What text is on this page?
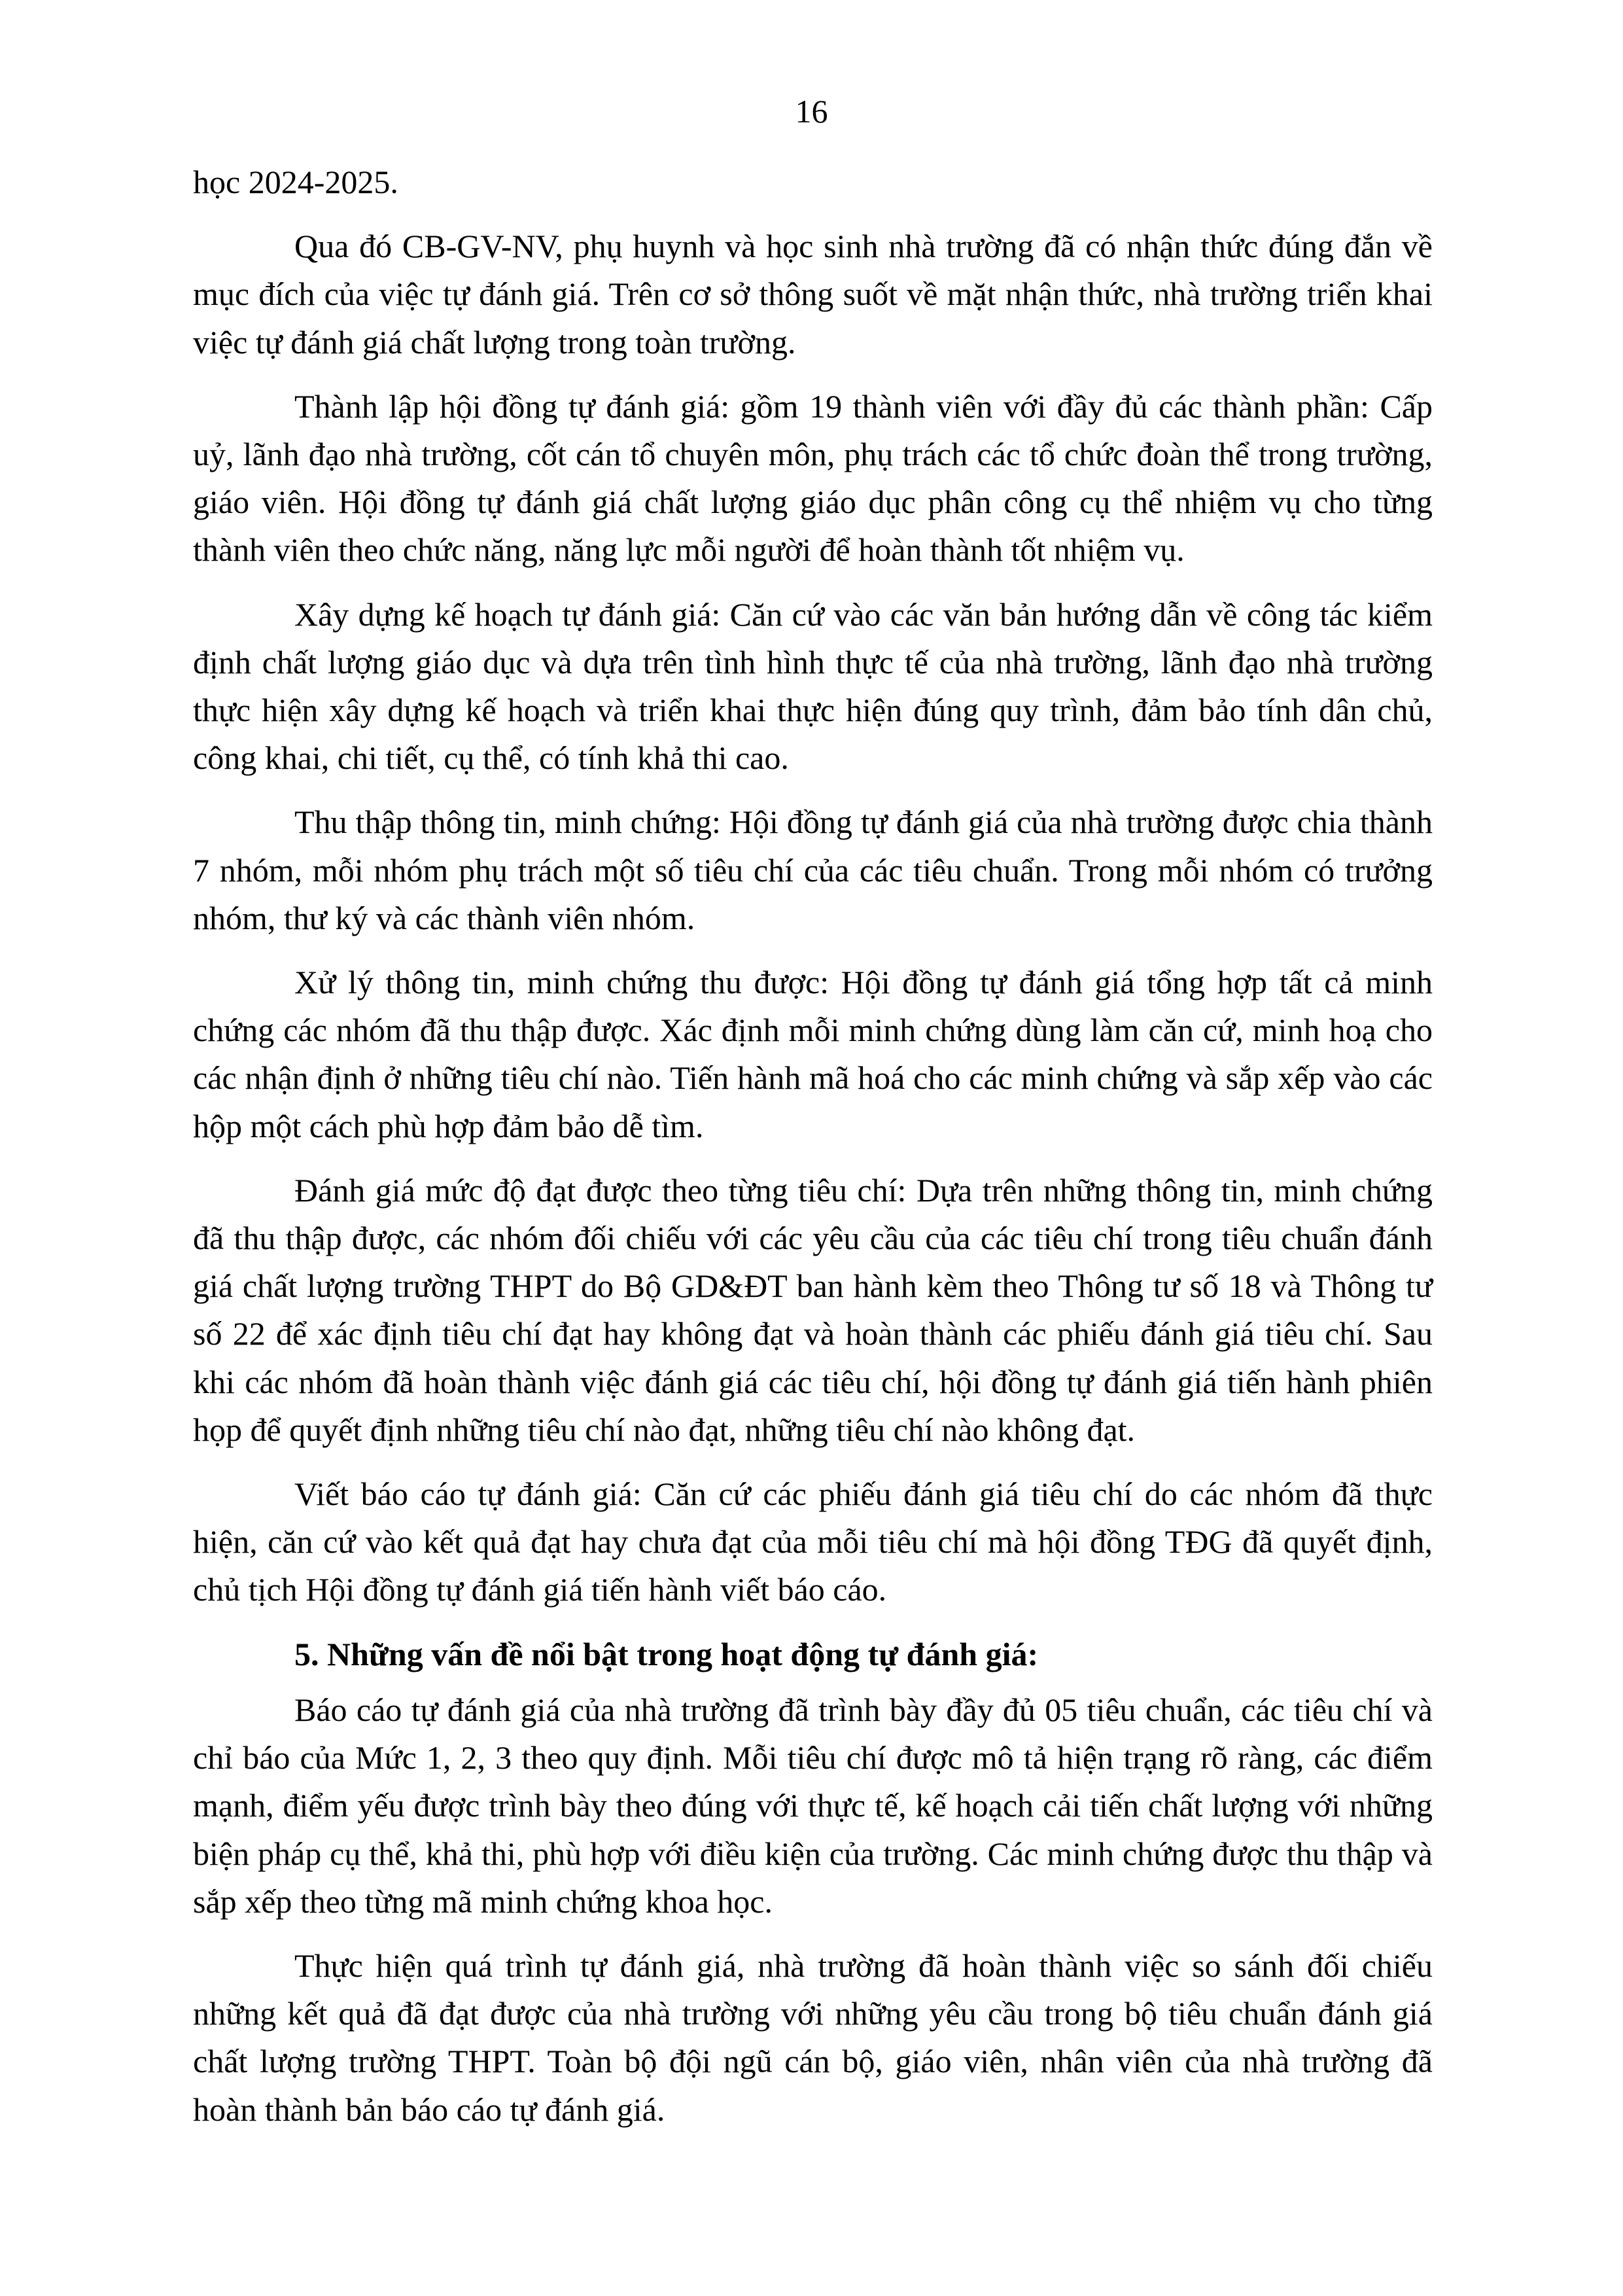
16

học 2024-2025.

Qua đó CB-GV-NV, phụ huynh và học sinh nhà trường đã có nhận thức đúng đắn về mục đích của việc tự đánh giá. Trên cơ sở thông suốt về mặt nhận thức, nhà trường triển khai việc tự đánh giá chất lượng trong toàn trường.

Thành lập hội đồng tự đánh giá: gồm 19 thành viên với đầy đủ các thành phần: Cấp uỷ, lãnh đạo nhà trường, cốt cán tổ chuyên môn, phụ trách các tổ chức đoàn thể trong trường, giáo viên. Hội đồng tự đánh giá chất lượng giáo dục phân công cụ thể nhiệm vụ cho từng thành viên theo chức năng, năng lực mỗi người để hoàn thành tốt nhiệm vụ.

Xây dựng kế hoạch tự đánh giá: Căn cứ vào các văn bản hướng dẫn về công tác kiểm định chất lượng giáo dục và dựa trên tình hình thực tế của nhà trường, lãnh đạo nhà trường thực hiện xây dựng kế hoạch và triển khai thực hiện đúng quy trình, đảm bảo tính dân chủ, công khai, chi tiết, cụ thể, có tính khả thi cao.

Thu thập thông tin, minh chứng: Hội đồng tự đánh giá của nhà trường được chia thành 7 nhóm, mỗi nhóm phụ trách một số tiêu chí của các tiêu chuẩn. Trong mỗi nhóm có trưởng nhóm, thư ký và các thành viên nhóm.

Xử lý thông tin, minh chứng thu được: Hội đồng tự đánh giá tổng hợp tất cả minh chứng các nhóm đã thu thập được. Xác định mỗi minh chứng dùng làm căn cứ, minh hoạ cho các nhận định ở những tiêu chí nào. Tiến hành mã hoá cho các minh chứng và sắp xếp vào các hộp một cách phù hợp đảm bảo dễ tìm.

Đánh giá mức độ đạt được theo từng tiêu chí: Dựa trên những thông tin, minh chứng đã thu thập được, các nhóm đối chiếu với các yêu cầu của các tiêu chí trong tiêu chuẩn đánh giá chất lượng trường THPT do Bộ GD&ĐT ban hành kèm theo Thông tư số 18 và Thông tư số 22 để xác định tiêu chí đạt hay không đạt và hoàn thành các phiếu đánh giá tiêu chí. Sau khi các nhóm đã hoàn thành việc đánh giá các tiêu chí, hội đồng tự đánh giá tiến hành phiên họp để quyết định những tiêu chí nào đạt, những tiêu chí nào không đạt.

Viết báo cáo tự đánh giá: Căn cứ các phiếu đánh giá tiêu chí do các nhóm đã thực hiện, căn cứ vào kết quả đạt hay chưa đạt của mỗi tiêu chí mà hội đồng TĐG đã quyết định, chủ tịch Hội đồng tự đánh giá tiến hành viết báo cáo.

5. Những vấn đề nổi bật trong hoạt động tự đánh giá:

Báo cáo tự đánh giá của nhà trường đã trình bày đầy đủ 05 tiêu chuẩn, các tiêu chí và chỉ báo của Mức 1, 2, 3 theo quy định. Mỗi tiêu chí được mô tả hiện trạng rõ ràng, các điểm mạnh, điểm yếu được trình bày theo đúng với thực tế, kế hoạch cải tiến chất lượng với những biện pháp cụ thể, khả thi, phù hợp với điều kiện của trường. Các minh chứng được thu thập và sắp xếp theo từng mã minh chứng khoa học.

Thực hiện quá trình tự đánh giá, nhà trường đã hoàn thành việc so sánh đối chiếu những kết quả đã đạt được của nhà trường với những yêu cầu trong bộ tiêu chuẩn đánh giá chất lượng trường THPT. Toàn bộ đội ngũ cán bộ, giáo viên, nhân viên của nhà trường đã hoàn thành bản báo cáo tự đánh giá.
